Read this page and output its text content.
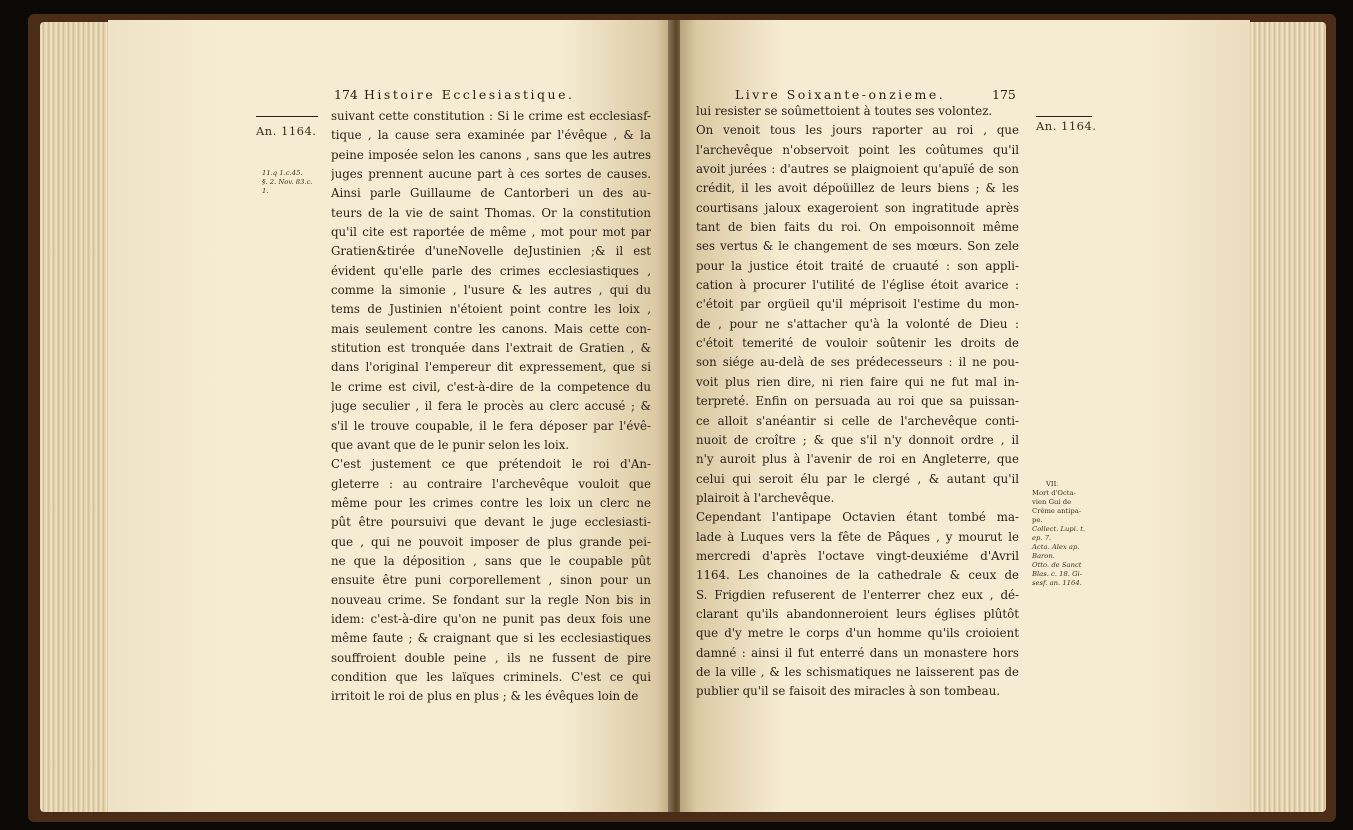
174 Histoire Ecclesiastique.
An. 1164.
11.q 1.c.45.
§. 2. Nov. 83.c.
1.
suivant cette constitution : Si le crime est ecclesiasf-
tique , la cause sera examinée par l'évêque , & la
peine imposée selon les canons , sans que les autres
juges prennent aucune part à ces sortes de causes.
Ainsi parle Guillaume de Cantorberi un des au-
teurs de la vie de saint Thomas. Or la constitution
qu'il cite est raportée de même , mot pour mot par
Gratien&tirée d'uneNovelle deJustinien ;& il est
évident qu'elle parle des crimes ecclesiastiques ,
comme la simonie , l'usure & les autres , qui du
tems de Justinien n'étoient point contre les loix ,
mais seulement contre les canons. Mais cette con-
stitution est tronquée dans l'extrait de Gratien , &
dans l'original l'empereur dit expressement, que si
le crime est civil, c'est-à-dire de la competence du
juge seculier , il fera le procès au clerc accusé ; &
s'il le trouve coupable, il le fera déposer par l'évê-
que avant que de le punir selon les loix.
C'est justement ce que prétendoit le roi d'An-
gleterre : au contraire l'archevêque vouloit que
même pour les crimes contre les loix un clerc ne
pût être poursuivi que devant le juge ecclesiasti-
que , qui ne pouvoit imposer de plus grande pei-
ne que la déposition , sans que le coupable pût
ensuite être puni corporellement , sinon pour un
nouveau crime. Se fondant sur la regle Non bis in
idem: c'est-à-dire qu'on ne punit pas deux fois une
même faute ; & craignant que si les ecclesiastiques
souffroient double peine , ils ne fussent de pire
condition que les laïques criminels. C'est ce qui
irritoit le roi de plus en plus ; & les évêques loin de
Livre Soixante-onzieme.	175
An. 1164.
VII.
Mort d'Octa-
vien Gui de
Crême antipa-
pe.
Collect. Lupi. t.
ep. 7.
Acta. Alex ap.
Baron.
Otto. de Sanct
Blas. c. 18. Gi-
sesf. an. 1164.
lui resister se soûmettoient à toutes ses volontez.
On venoit tous les jours raporter au roi , que
l'archevêque n'observoit point les coûtumes qu'il
avoit jurées : d'autres se plaignoient qu'apuïé de son
crédit, il les avoit dépoüillez de leurs biens ; & les
courtisans jaloux exageroient son ingratitude après
tant de bien faits du roi. On empoisonnoit même
ses vertus & le changement de ses mœurs. Son zele
pour la justice étoit traité de cruauté : son appli-
cation à procurer l'utilité de l'église étoit avarice :
c'étoit par orgüeil qu'il méprisoit l'estime du mon-
de , pour ne s'attacher qu'à la volonté de Dieu :
c'étoit temerité de vouloir soûtenir les droits de
son siége au-delà de ses prédecesseurs : il ne pou-
voit plus rien dire, ni rien faire qui ne fut mal in-
terpreté. Enfin on persuada au roi que sa puissan-
ce alloit s'anéantir si celle de l'archevêque conti-
nuoit de croître ; & que s'il n'y donnoit ordre , il
n'y auroit plus à l'avenir de roi en Angleterre, que
celui qui seroit élu par le clergé , & autant qu'il
plairoit à l'archevêque.
Cependant l'antipape Octavien étant tombé ma-
lade à Luques vers la fête de Pâques , y mourut le
mercredi d'après l'octave vingt-deuxiéme d'Avril
1164. Les chanoines de la cathedrale & ceux de
S. Frigdien refuserent de l'enterrer chez eux , dé-
clarant qu'ils abandonneroient leurs églises plûtôt
que d'y metre le corps d'un homme qu'ils croioient
damné : ainsi il fut enterré dans un monastere hors
de la ville , & les schismatiques ne laisserent pas de
publier qu'il se faisoit des miracles à son tombeau.
